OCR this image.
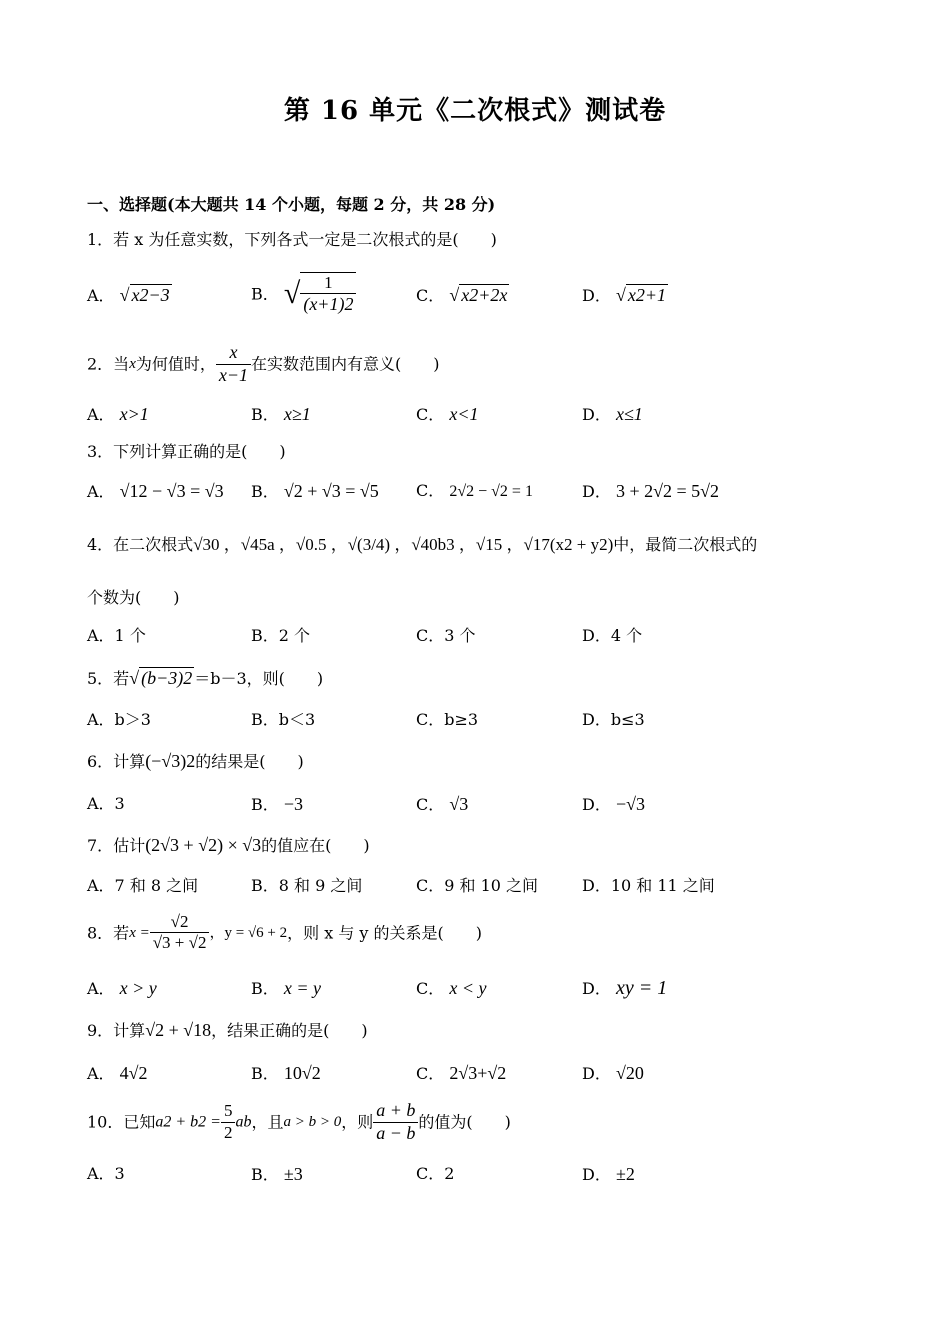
第 16 单元《二次根式》测试卷
一、选择题(本大题共 14 个小题，每题 2 分，共 28 分)
1．若 x 为任意实数，下列各式一定是二次根式的是(　　)
A． √ x2−3	B． √ $\frac{1}{(x+1)2}$	C． √ x2+2x	D． √ x2+1
2．当x为何值时， $\frac{x}{x-1}$ 在实数范围内有意义(　　)
A． x>1	B． x≥1	C． x<1	D． x≤1
3．下列计算正确的是(　　)
A． √12 − √3 = √3 B． √2 + √3 = √5 C． 2√2 − √2 = 1	D． 3 + 2√2 = 5√2
4．在二次根式√30 ，√45a ，√0.5 ，√(3/4) ，√40b3 ，√15 ，√17(x2 + y2)中，最简二次根式的
个数为(　　)
A．1 个	B．2 个	C．3 个	D．4 个
5．若√ (b−3)2 ＝b－3，则(　　)
A．b＞3	B．b＜3	C．b≥3	D．b≤3
6．计算(−√3)2的结果是(　　)
A．3	B． −3	C． √3	D． −√3
7．估计(2√3 + √2) × √3的值应在(　　)
A．7 和 8 之间	B．8 和 9 之间	C．9 和 10 之间	D．10 和 11 之间
8．若$x = \frac{√2}{√3 + √2}$ ，y = √6 + 2，则 x 与 y 的关系是(　　)
A． x > y	B． x = y	C． x < y	D． xy = 1
9．计算√2 + √18，结果正确的是(　　)
A． 4√2	B． 10√2	C． 2√3+√2	D． √20
10．已知$a2 + b2 = \frac{5}{2}$ ab，且a > b > 0，则 $\frac{a + b}{a - b}$ 的值为(　　)
A．3	B． ±3	C．2	D． ±2
